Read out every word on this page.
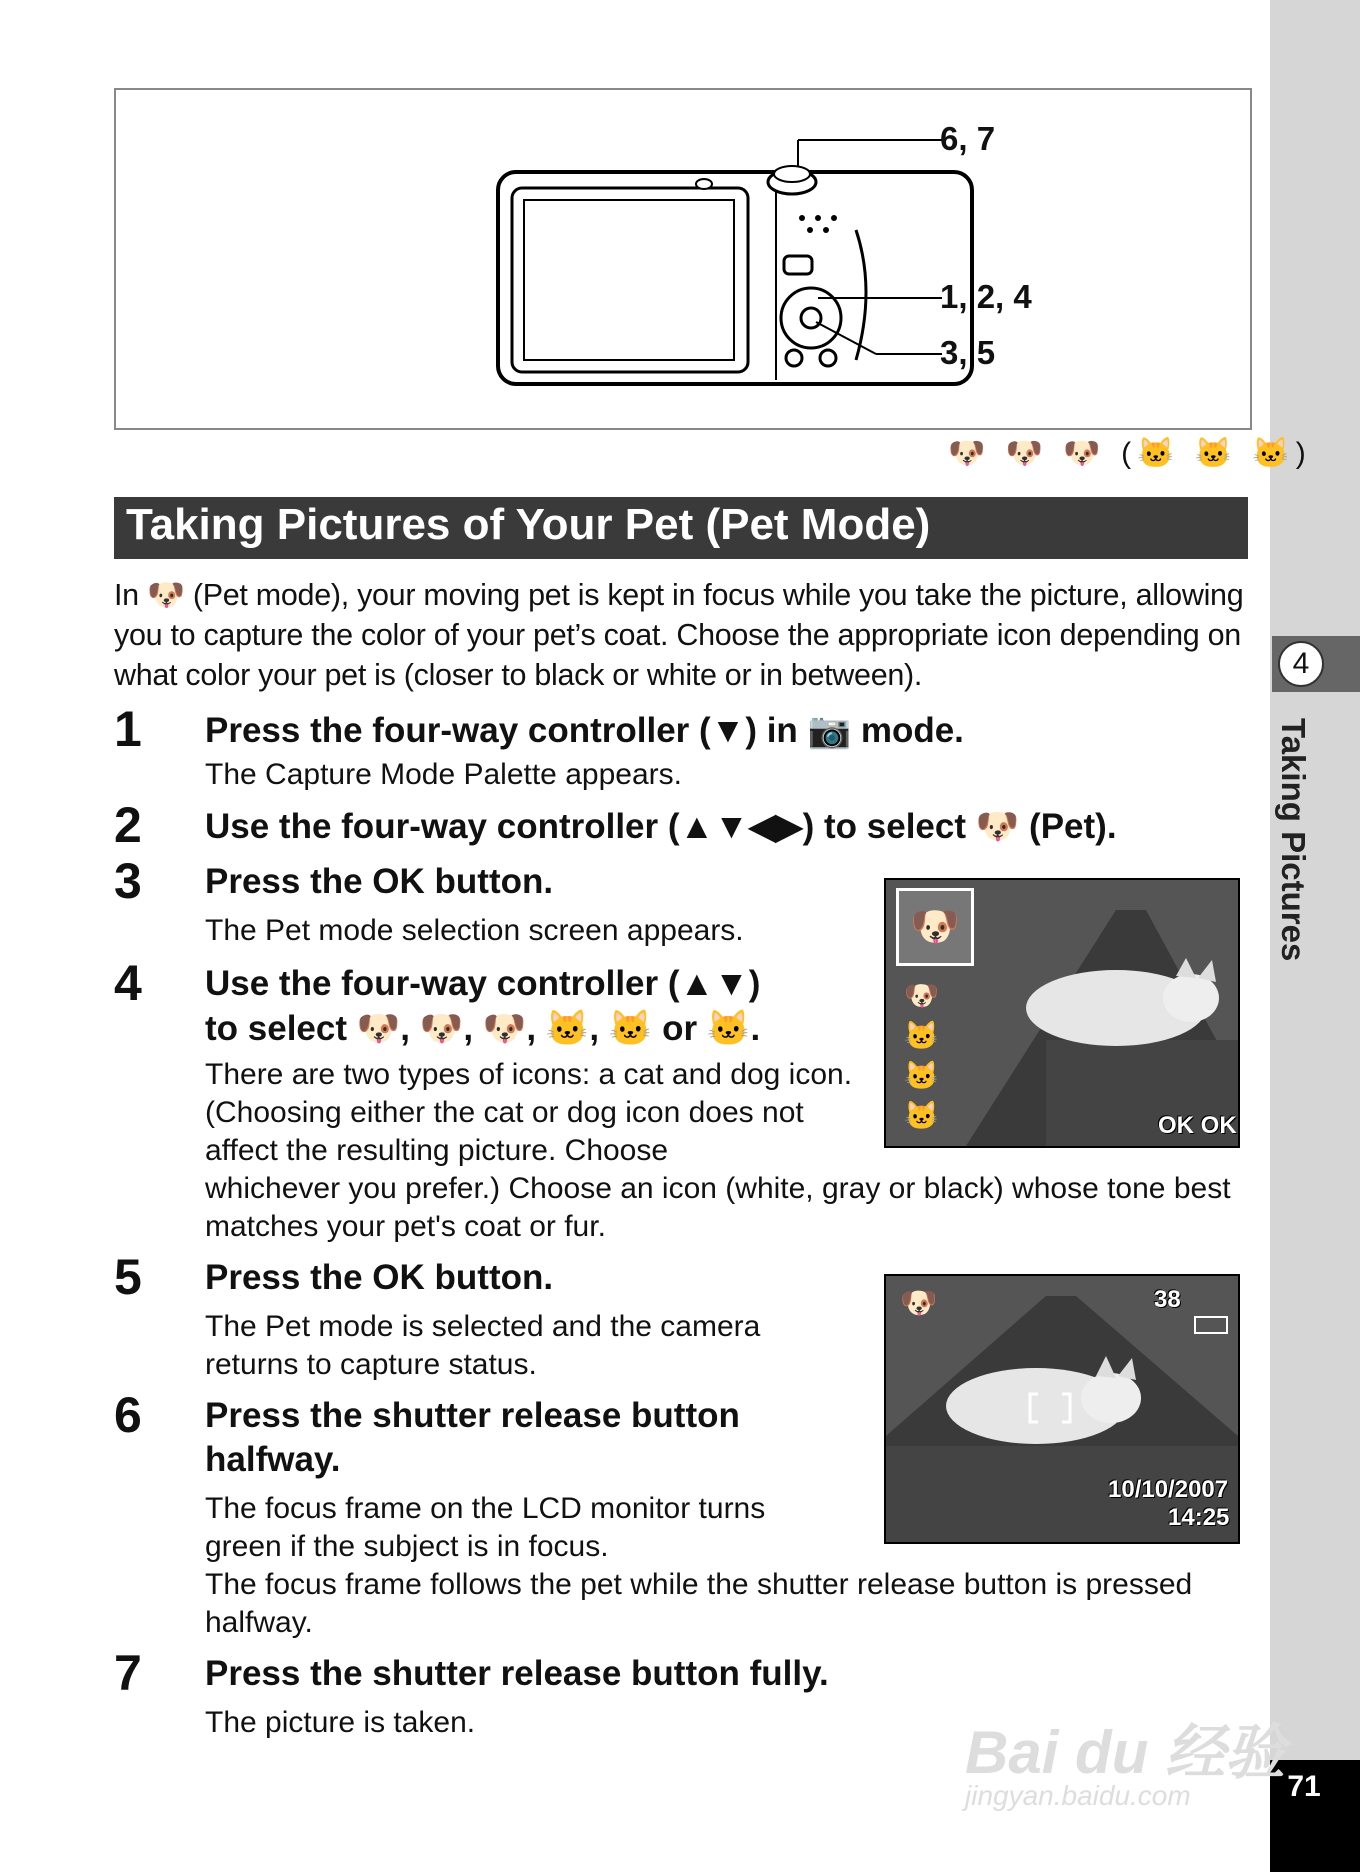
4
Taking Pictures
71
6, 7
1, 2, 4
3, 5
🐶 🐶 🐶 (🐱 🐱 🐱)
Taking Pictures of Your Pet (Pet Mode)
In 🐶 (Pet mode), your moving pet is kept in focus while you take the picture, allowing you to capture the color of your pet’s coat. Choose the appropriate icon depending on what color your pet is (closer to black or white or in between).
1 Press the four-way controller (▼) in 📷 mode.
The Capture Mode Palette appears.
2 Use the four-way controller (▲▼◀▶) to select 🐶 (Pet).
3 Press the OK button.
The Pet mode selection screen appears.
4 Use the four-way controller (▲▼)
to select 🐶, 🐶, 🐶, 🐱, 🐱 or 🐱.
There are two types of icons: a cat and dog icon. (Choosing either the cat or dog icon does not affect the resulting picture. Choose
whichever you prefer.) Choose an icon (white, gray or black) whose tone best matches your pet's coat or fur.
🐶
🐶
🐱
🐱
🐱	OK OK
5 Press the OK button.
The Pet mode is selected and the camera returns to capture status.
🐶	38
10/10/2007
14:25
6 Press the shutter release button
halfway.
The focus frame on the LCD monitor turns
green if the subject is in focus.
The focus frame follows the pet while the shutter release button is pressed halfway.
7 Press the shutter release button fully.
The picture is taken.	Bai du 经验
jingyan.baidu.com
